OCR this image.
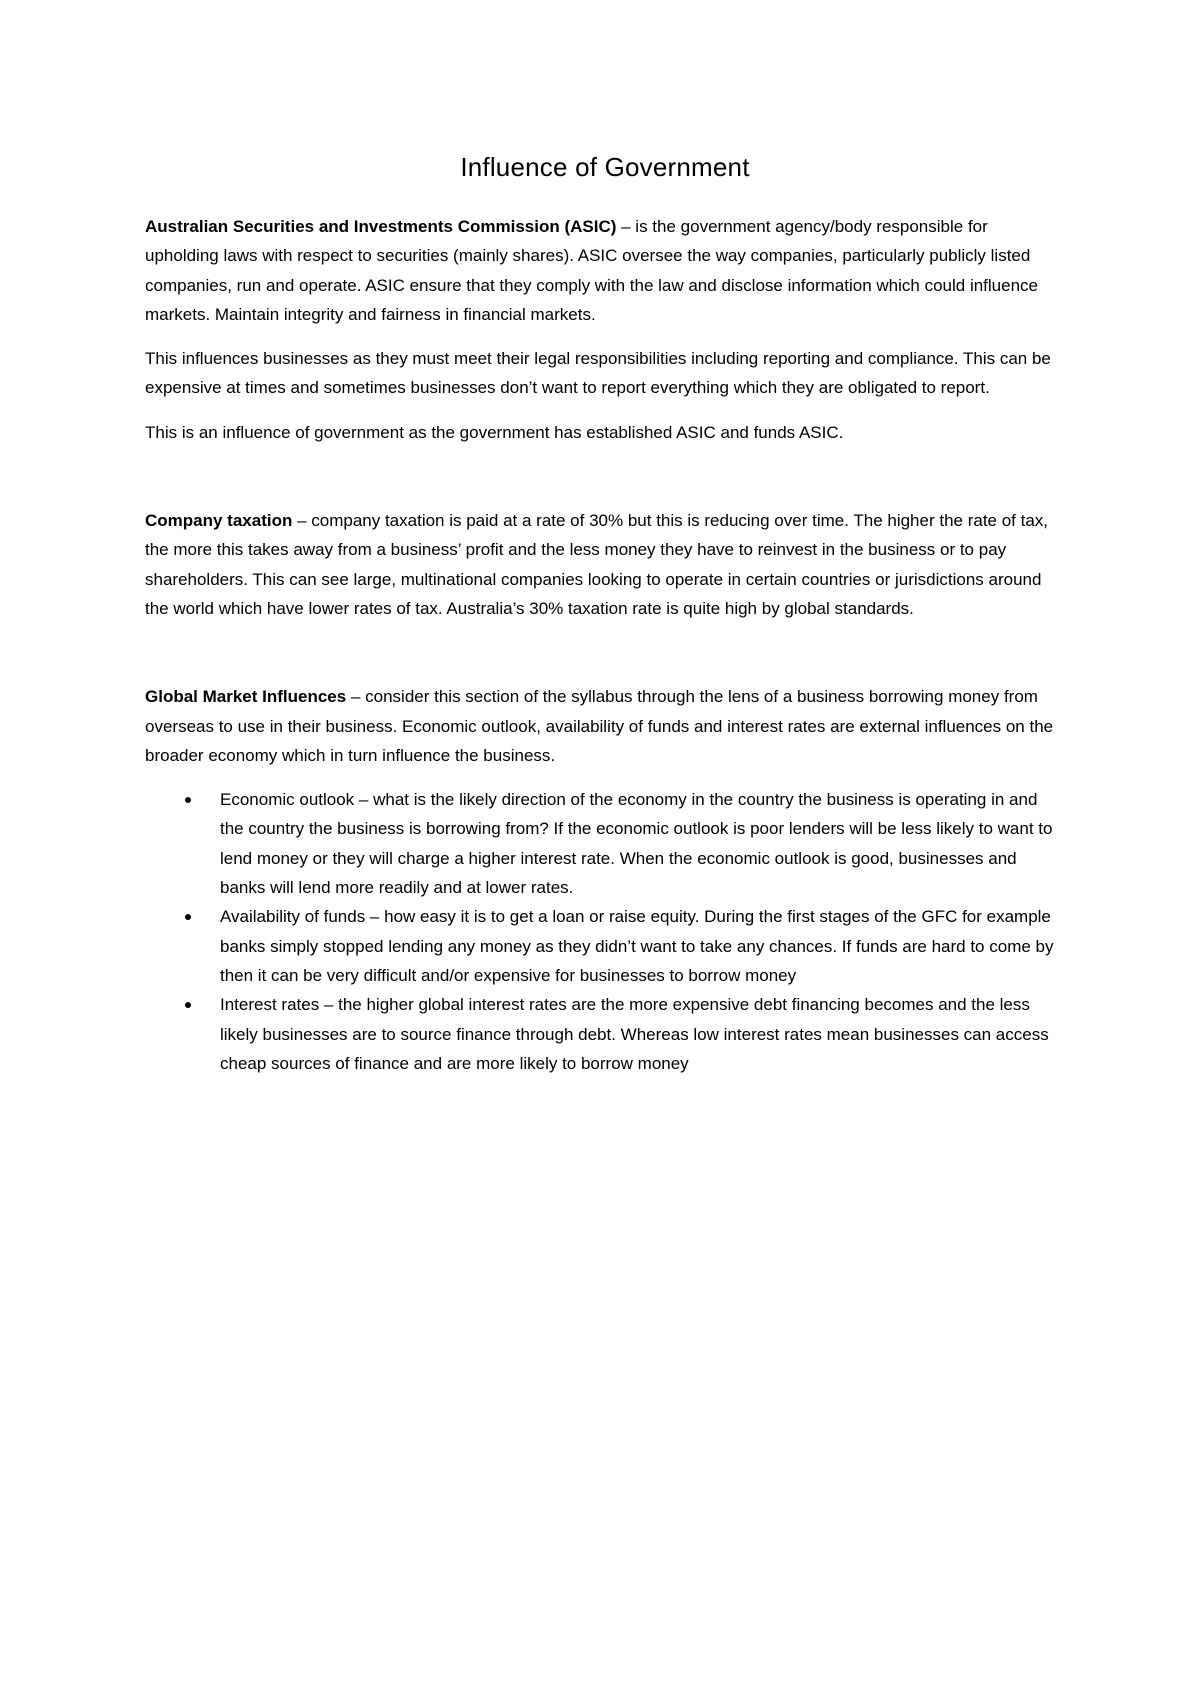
Influence of Government

Australian Securities and Investments Commission (ASIC) – is the government agency/body responsible for upholding laws with respect to securities (mainly shares). ASIC oversee the way companies, particularly publicly listed companies, run and operate. ASIC ensure that they comply with the law and disclose information which could influence markets. Maintain integrity and fairness in financial markets.

This influences businesses as they must meet their legal responsibilities including reporting and compliance. This can be expensive at times and sometimes businesses don’t want to report everything which they are obligated to report.

This is an influence of government as the government has established ASIC and funds ASIC.

Company taxation – company taxation is paid at a rate of 30% but this is reducing over time. The higher the rate of tax, the more this takes away from a business’ profit and the less money they have to reinvest in the business or to pay shareholders. This can see large, multinational companies looking to operate in certain countries or jurisdictions around the world which have lower rates of tax. Australia’s 30% taxation rate is quite high by global standards.

Global Market Influences – consider this section of the syllabus through the lens of a business borrowing money from overseas to use in their business. Economic outlook, availability of funds and interest rates are external influences on the broader economy which in turn influence the business.

Economic outlook – what is the likely direction of the economy in the country the business is operating in and the country the business is borrowing from? If the economic outlook is poor lenders will be less likely to want to lend money or they will charge a higher interest rate. When the economic outlook is good, businesses and banks will lend more readily and at lower rates.
Availability of funds – how easy it is to get a loan or raise equity. During the first stages of the GFC for example banks simply stopped lending any money as they didn’t want to take any chances. If funds are hard to come by then it can be very difficult and/or expensive for businesses to borrow money
Interest rates – the higher global interest rates are the more expensive debt financing becomes and the less likely businesses are to source finance through debt. Whereas low interest rates mean businesses can access cheap sources of finance and are more likely to borrow money
